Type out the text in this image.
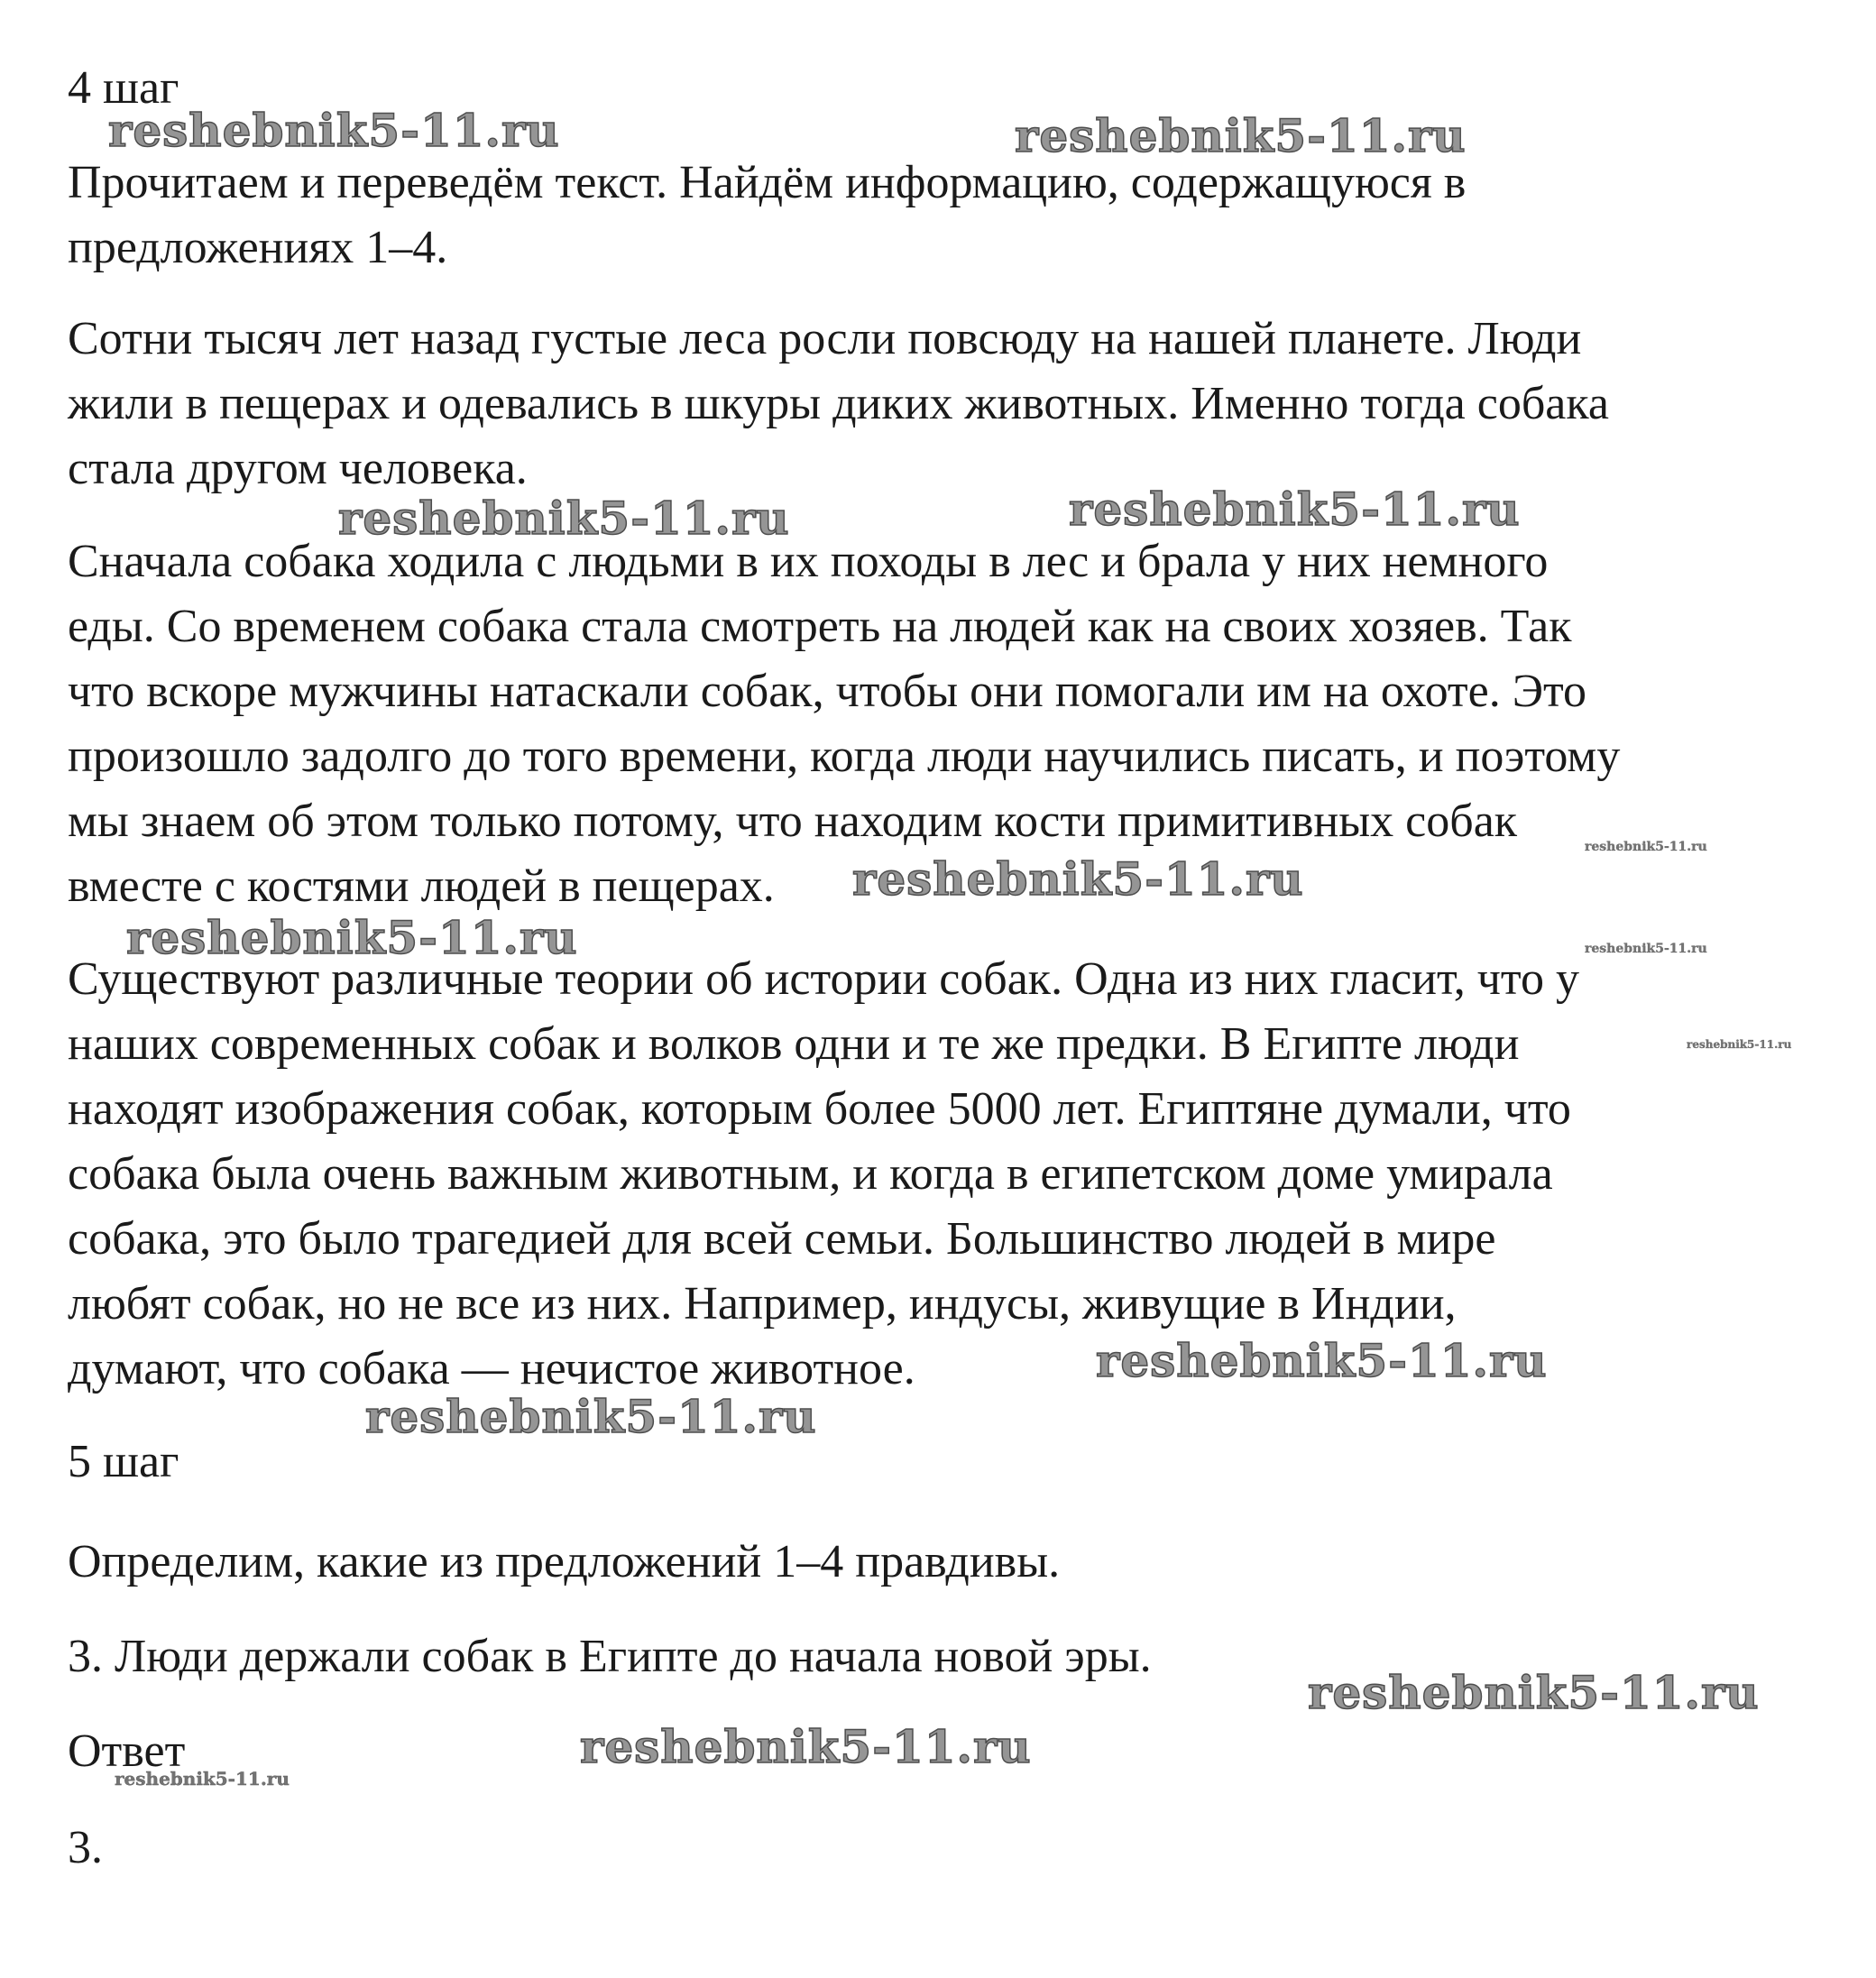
4 шаг
Прочитаем и переведём текст. Найдём информацию, содержащуюся в
предложениях 1–4.
Сотни тысяч лет назад густые леса росли повсюду на нашей планете. Люди
жили в пещерах и одевались в шкуры диких животных. Именно тогда собака
стала другом человека.
Сначала собака ходила с людьми в их походы в лес и брала у них немного
еды. Со временем собака стала смотреть на людей как на своих хозяев. Так
что вскоре мужчины натаскали собак, чтобы они помогали им на охоте. Это
произошло задолго до того времени, когда люди научились писать, и поэтому
мы знаем об этом только потому, что находим кости примитивных собак
вместе с костями людей в пещерах.
Существуют различные теории об истории собак. Одна из них гласит, что у
наших современных собак и волков одни и те же предки. В Египте люди
находят изображения собак, которым более 5000 лет. Египтяне думали, что
собака была очень важным животным, и когда в египетском доме умирала
собака, это было трагедией для всей семьи. Большинство людей в мире
любят собак, но не все из них. Например, индусы, живущие в Индии,
думают, что собака — нечистое животное.
5 шаг
Определим, какие из предложений 1–4 правдивы.
3. Люди держали собак в Египте до начала новой эры.
Ответ
3.
reshebnik5-11.ru	reshebnik5-11.ru
reshebnik5-11.ru	reshebnik5-11.ru
reshebnik5-11.ru
reshebnik5-11.ru
reshebnik5-11.ru
reshebnik5-11.ru
reshebnik5-11.ru
reshebnik5-11.ru
reshebnik5-11.ru
reshebnik5-11.ru
reshebnik5-11.ru
reshebnik5-11.ru
